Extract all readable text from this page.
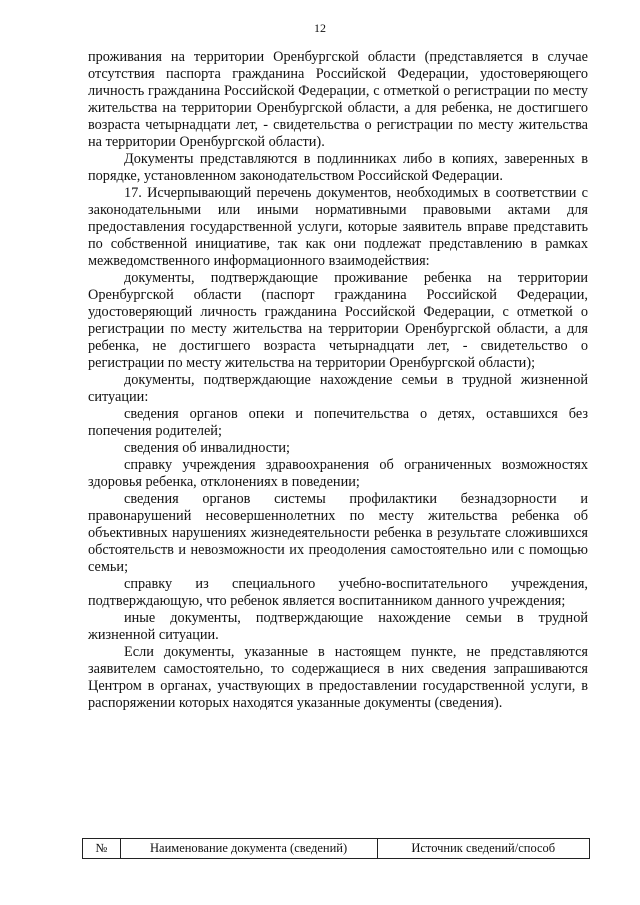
12

проживания на территории Оренбургской области (представляется в случае отсутствия паспорта гражданина Российской Федерации, удостоверяющего личность гражданина Российской Федерации, с отметкой о регистрации по месту жительства на территории Оренбургской области, а для ребенка, не достигшего возраста четырнадцати лет, - свидетельства о регистрации по месту жительства на территории Оренбургской области).

Документы представляются в подлинниках либо в копиях, заверенных в порядке, установленном законодательством Российской Федерации.

17. Исчерпывающий перечень документов, необходимых в соответствии с законодательными или иными нормативными правовыми актами для предоставления государственной услуги, которые заявитель вправе представить по собственной инициативе, так как они подлежат представлению в рамках межведомственного информационного взаимодействия:

документы, подтверждающие проживание ребенка на территории Оренбургской области (паспорт гражданина Российской Федерации, удостоверяющий личность гражданина Российской Федерации, с отметкой о регистрации по месту жительства на территории Оренбургской области, а для ребенка, не достигшего возраста четырнадцати лет, - свидетельство о регистрации по месту жительства на территории Оренбургской области);

документы, подтверждающие нахождение семьи в трудной жизненной ситуации:

сведения органов опеки и попечительства о детях, оставшихся без попечения родителей;

сведения об инвалидности;

справку учреждения здравоохранения об ограниченных возможностях здоровья ребенка, отклонениях в поведении;

сведения органов системы профилактики безнадзорности и правонарушений несовершеннолетних по месту жительства ребенка об объективных нарушениях жизнедеятельности ребенка в результате сложившихся обстоятельств и невозможности их преодоления самостоятельно или с помощью семьи;

справку из специального учебно-воспитательного учреждения, подтверждающую, что ребенок является воспитанником данного учреждения;

иные документы, подтверждающие нахождение семьи в трудной жизненной ситуации.

Если документы, указанные в настоящем пункте, не представляются заявителем самостоятельно, то содержащиеся в них сведения запрашиваются Центром в органах, участвующих в предоставлении государственной услуги, в распоряжении которых находятся указанные документы (сведения).

№	Наименование документа (сведений)	Источник сведений/способ
